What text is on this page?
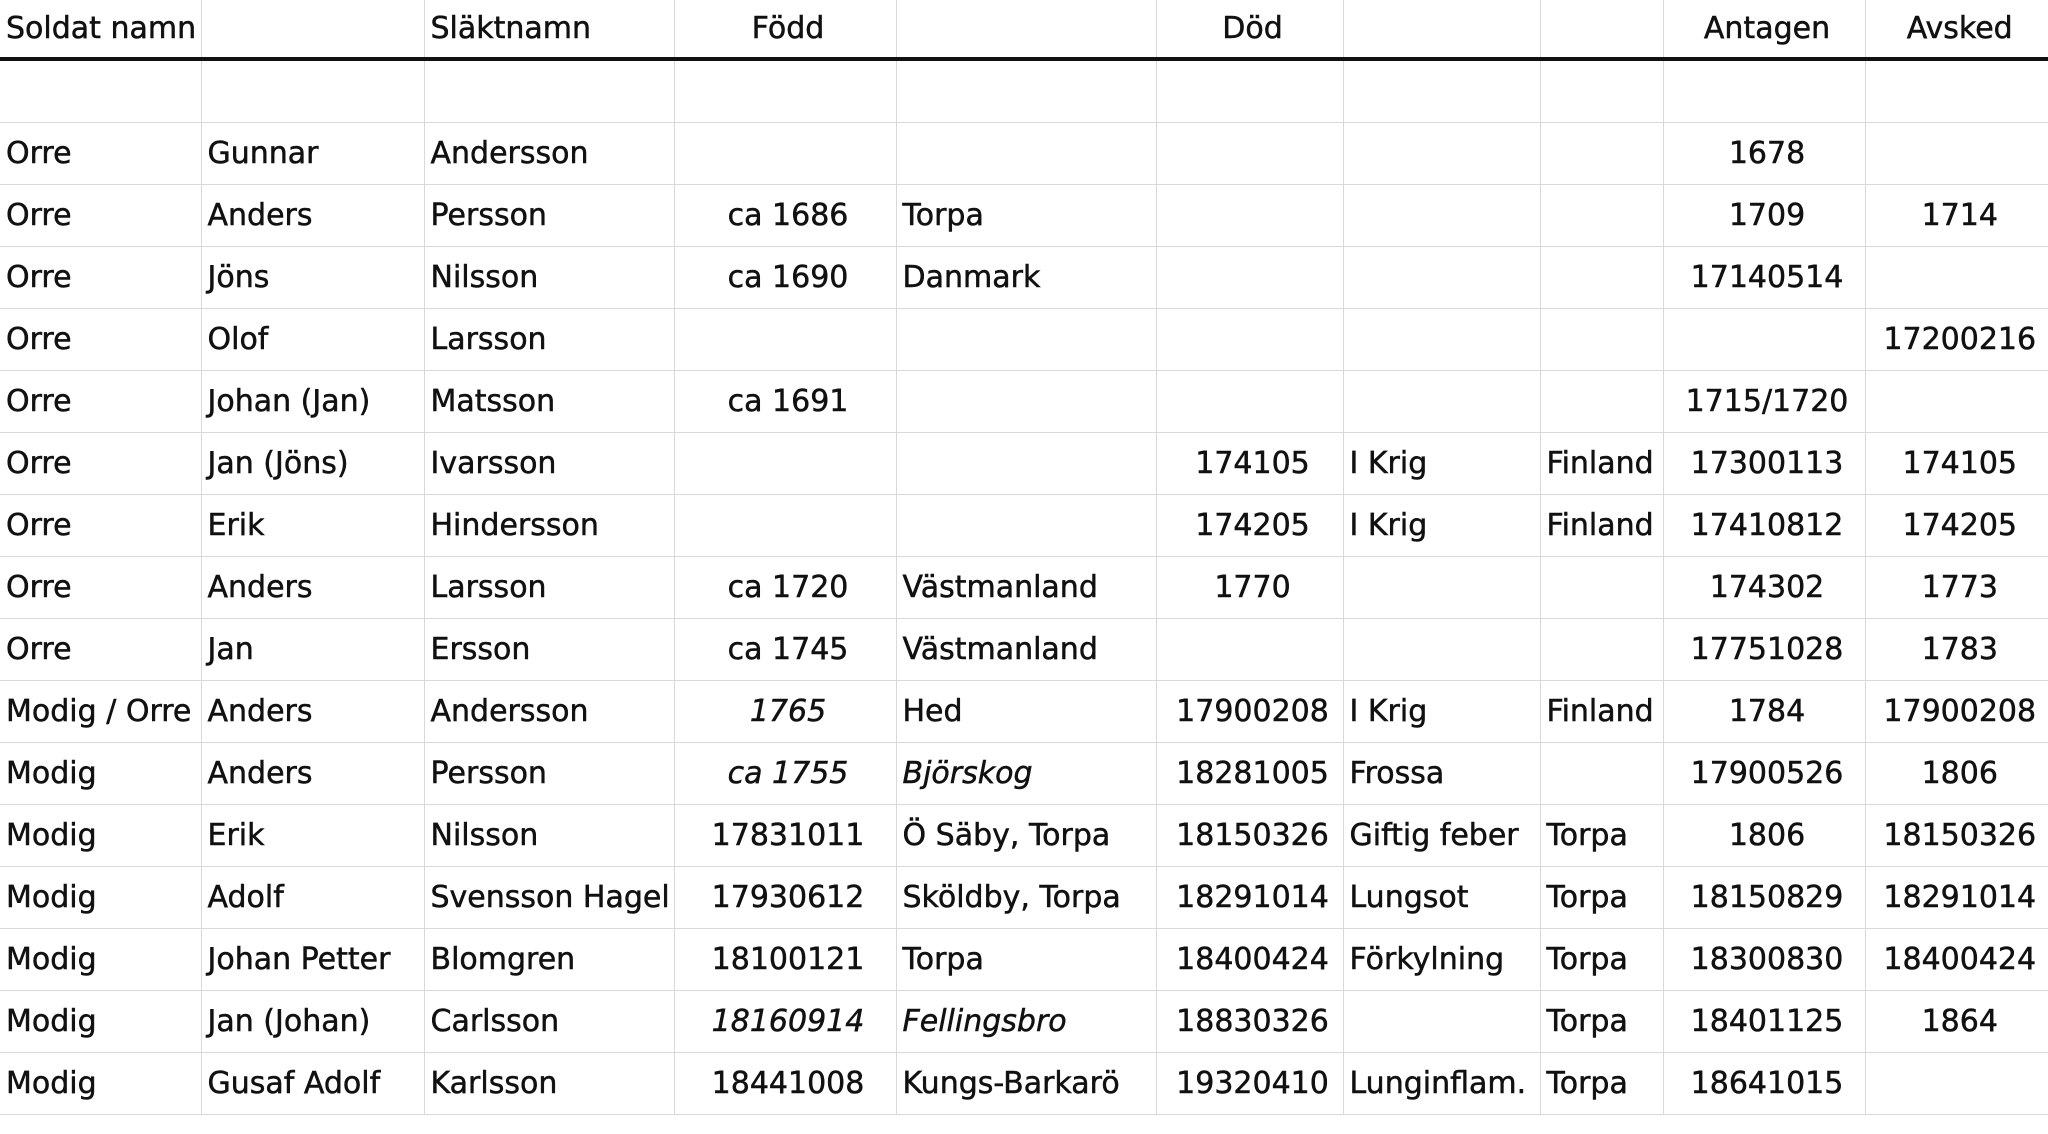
Soldat namn		Släktnamn	Född		Död			Antagen	Avsked

Orre	Gunnar	Andersson						1678	
Orre	Anders	Persson	ca 1686	Torpa				1709	1714
Orre	Jöns	Nilsson	ca 1690	Danmark				17140514	
Orre	Olof	Larsson							17200216
Orre	Johan (Jan)	Matsson	ca 1691					1715/1720	
Orre	Jan (Jöns)	Ivarsson			174105	I Krig	Finland	17300113	174105
Orre	Erik	Hindersson			174205	I Krig	Finland	17410812	174205
Orre	Anders	Larsson	ca 1720	Västmanland	1770			174302	1773
Orre	Jan	Ersson	ca 1745	Västmanland				17751028	1783
Modig / Orre	Anders	Andersson	1765	Hed	17900208	I Krig	Finland	1784	17900208
Modig	Anders	Persson	ca 1755	Björskog	18281005	Frossa		17900526	1806
Modig	Erik	Nilsson	17831011	Ö Säby, Torpa	18150326	Giftig feber	Torpa	1806	18150326
Modig	Adolf	Svensson Hagel	17930612	Sköldby, Torpa	18291014	Lungsot	Torpa	18150829	18291014
Modig	Johan Petter	Blomgren	18100121	Torpa	18400424	Förkylning	Torpa	18300830	18400424
Modig	Jan (Johan)	Carlsson	18160914	Fellingsbro	18830326		Torpa	18401125	1864
Modig	Gusaf Adolf	Karlsson	18441008	Kungs-Barkarö	19320410	Lunginflam.	Torpa	18641015	
